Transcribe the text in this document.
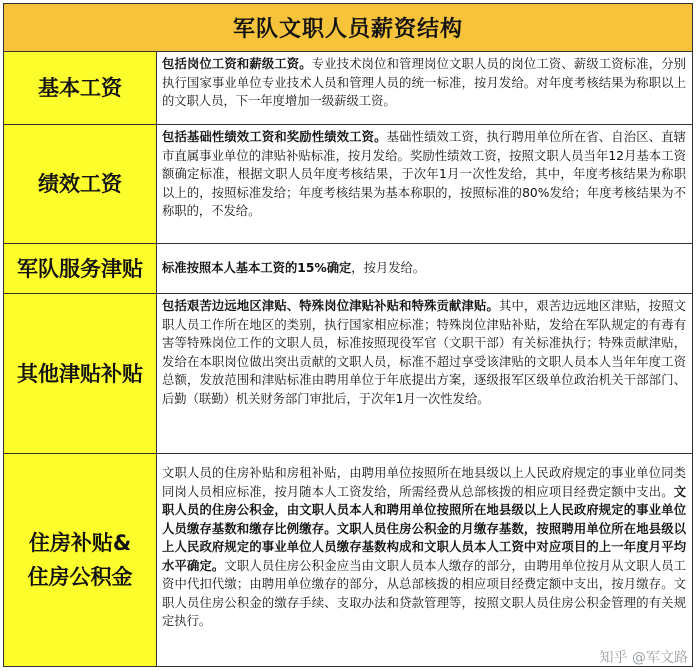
军队文职人员薪资结构
基本工资
包括岗位工资和薪级工资。专业技术岗位和管理岗位文职人员的岗位工资、薪级工资标准，分别执行国家事业单位专业技术人员和管理人员的统一标准，按月发给。对年度考核结果为称职以上的文职人员，下一年度增加一级薪级工资。
绩效工资
包括基础性绩效工资和奖励性绩效工资。基础性绩效工资，执行聘用单位所在省、自治区、直辖市直属事业单位的津贴补贴标准，按月发给。奖励性绩效工资，按照文职人员当年12月基本工资额确定标准，根据文职人员年度考核结果，于次年1月一次性发给，其中，年度考核结果为称职以上的，按照标准发给；年度考核结果为基本称职的，按照标准的80%发给；年度考核结果为不称职的，不发给。
军队服务津贴	标准按照本人基本工资的15%确定，按月发给。
其他津贴补贴
包括艰苦边远地区津贴、特殊岗位津贴补贴和特殊贡献津贴。其中，艰苦边远地区津贴，按照文职人员工作所在地区的类别，执行国家相应标准；特殊岗位津贴补贴，发给在军队规定的有毒有害等特殊岗位工作的文职人员，标准按照现役军官（文职干部）有关标准执行；特殊贡献津贴，发给在本职岗位做出突出贡献的文职人员，标准不超过享受该津贴的文职人员本人当年年度工资总额，发放范围和津贴标准由聘用单位于年底提出方案，逐级报军区级单位政治机关干部部门、后勤（联勤）机关财务部门审批后，于次年1月一次性发给。
住房补贴&
住房公积金
文职人员的住房补贴和房租补贴，由聘用单位按照所在地县级以上人民政府规定的事业单位同类同岗人员相应标准，按月随本人工资发给，所需经费从总部核拨的相应项目经费定额中支出。文职人员的住房公积金，由文职人员本人和聘用单位按照所在地县级以上人民政府规定的事业单位人员缴存基数和缴存比例缴存。文职人员住房公积金的月缴存基数，按照聘用单位所在地县级以上人民政府规定的事业单位人员缴存基数构成和文职人员本人工资中对应项目的上一年度月平均水平确定。文职人员住房公积金应当由文职人员本人缴存的部分，由聘用单位按月从文职人员工资中代扣代缴；由聘用单位缴存的部分，从总部核拨的相应项目经费定额中支出，按月缴存。文职人员住房公积金的缴存手续、支取办法和贷款管理等，按照文职人员住房公积金管理的有关规定执行。
知乎 @军文路
